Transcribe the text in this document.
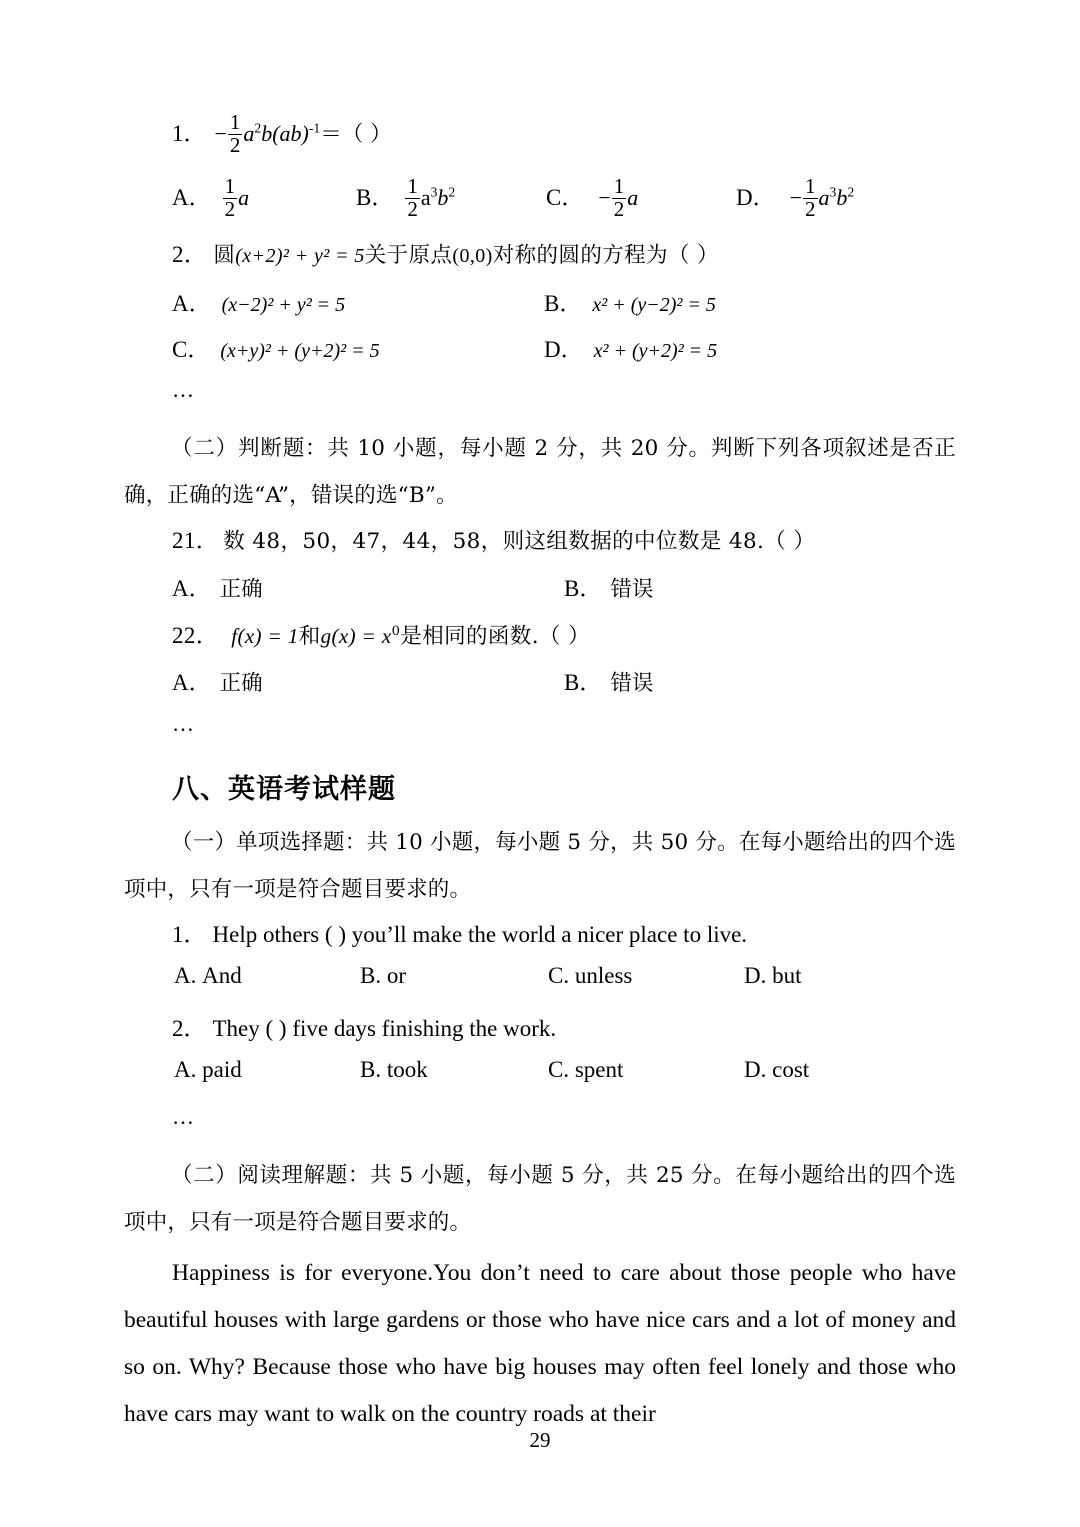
1． − $\frac{1}{2} a^2b(ab)^{-1}=$（ ）
A． $\frac{1}{2}$ a	B． $\frac{1}{2} a^3b^2$	C． − $\frac{1}{2}$ a	D． − $\frac{1}{2} a^3b^2$
2． 圆(x+2)² + y² = 5关于原点(0,0)对称的圆的方程为（ ）
A． (x−2)² + y² = 5	B． x² + (y−2)² = 5
C． (x+y)² + (y+2)² = 5	D． x² + (y+2)² = 5
…
（二）判断题：共 10 小题，每小题 2 分，共 20 分。判断下列各项叙述是否正确，正确的选“A”，错误的选“B”。
21． 数 48，50，47，44，58，则这组数据的中位数是 48.（ ）
A． 正确	B． 错误
22． f(x) = 1和$g(x) = x^0$是相同的函数.（ ）
A． 正确	B． 错误
…
八、英语考试样题
（一）单项选择题：共 10 小题，每小题 5 分，共 50 分。在每小题给出的四个选项中，只有一项是符合题目要求的。
1． Help others ( ) you’ll make the world a nicer place to live.
A. And	B. or	C. unless	D. but
2． They ( ) five days finishing the work.
A. paid	B. took	C. spent	D. cost
…
（二）阅读理解题：共 5 小题，每小题 5 分，共 25 分。在每小题给出的四个选项中，只有一项是符合题目要求的。
Happiness is for everyone.You don’t need to care about those people who have beautiful houses with large gardens or those who have nice cars and a lot of money and so on. Why? Because those who have big houses may often feel lonely and those who have cars may want to walk on the country roads at their
29
